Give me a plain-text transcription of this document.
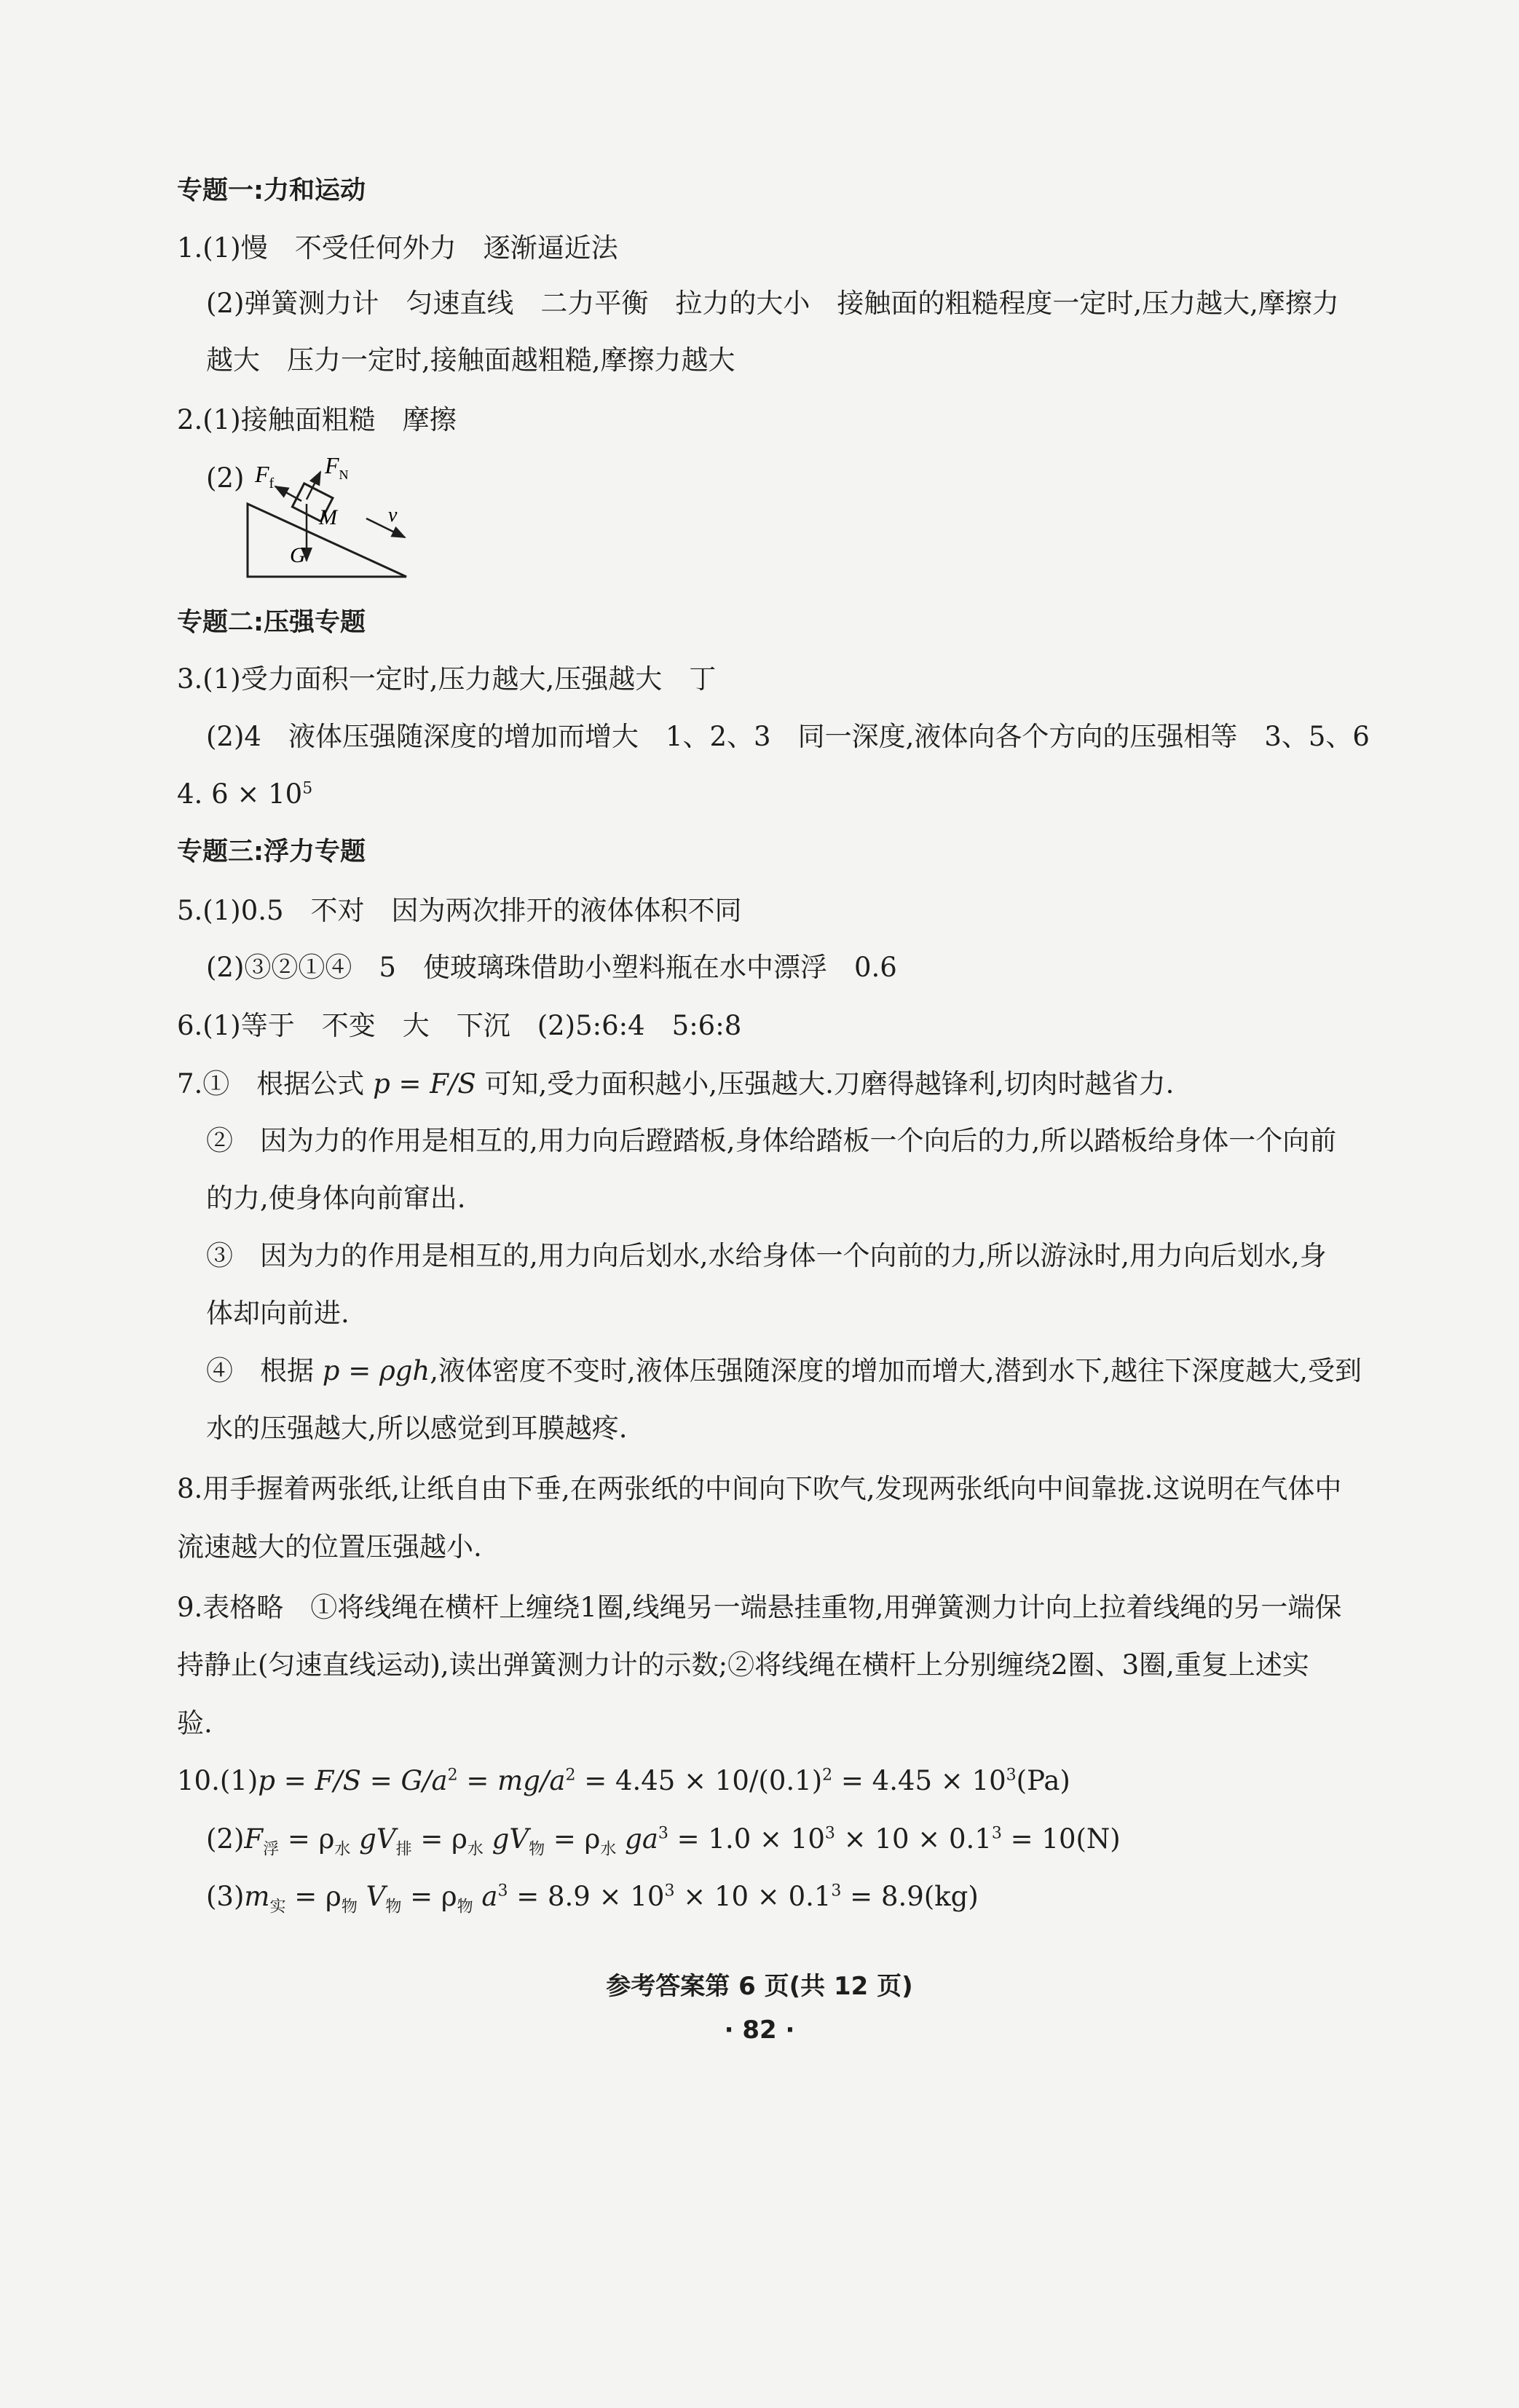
专题一:力和运动
1.(1)慢　不受任何外力　逐渐逼近法
(2)弹簧测力计　匀速直线　二力平衡　拉力的大小　接触面的粗糙程度一定时,压力越大,摩擦力
越大　压力一定时,接触面越粗糙,摩擦力越大
2.(1)接触面粗糙　摩擦
(2) $F_f$
$F_N$
M	v
G
专题二:压强专题
3.(1)受力面积一定时,压力越大,压强越大　丁
(2)4　液体压强随深度的增加而增大　1、2、3　同一深度,液体向各个方向的压强相等　3、5、6
4. $6 \times 10^5$
专题三:浮力专题
5.(1)0.5　不对　因为两次排开的液体体积不同
(2)③②①④　5　使玻璃珠借助小塑料瓶在水中漂浮　0.6
6.(1)等于　不变　大　下沉　(2)5:6:4　5:6:8
7.①　根据公式 p = F/S 可知,受力面积越小,压强越大.刀磨得越锋利,切肉时越省力.
②　因为力的作用是相互的,用力向后蹬踏板,身体给踏板一个向后的力,所以踏板给身体一个向前
的力,使身体向前窜出.
③　因为力的作用是相互的,用力向后划水,水给身体一个向前的力,所以游泳时,用力向后划水,身
体却向前进.
④　根据 p = ρgh,液体密度不变时,液体压强随深度的增加而增大,潜到水下,越往下深度越大,受到
水的压强越大,所以感觉到耳膜越疼.
8.用手握着两张纸,让纸自由下垂,在两张纸的中间向下吹气,发现两张纸向中间靠拢.这说明在气体中
流速越大的位置压强越小.
9.表格略　①将线绳在横杆上缠绕1圈,线绳另一端悬挂重物,用弹簧测力计向上拉着线绳的另一端保
持静止(匀速直线运动),读出弹簧测力计的示数;②将线绳在横杆上分别缠绕2圈、3圈,重复上述实
验.
$10.(1)p = F/S = G/a^2 = mg/a^2 = 4.45 \times 10/(0.1)^2 = 4.45 \times 10^3(Pa)$
$(2)F_浮 = \rho_水$ $gV_排 = \rho_水$ $gV_物 = \rho_水$ $ga^3 = 1.0 \times 10^3 \times 10 \times 0.1^3 = 10(N)$
$(3)m_实 = \rho_物$ $V_物 = \rho_物$ $a^3 = 8.9 \times 10^3 \times 10 \times 0.1^3 = 8.9(kg)$
参考答案第 6 页(共 12 页)
· 82 ·
